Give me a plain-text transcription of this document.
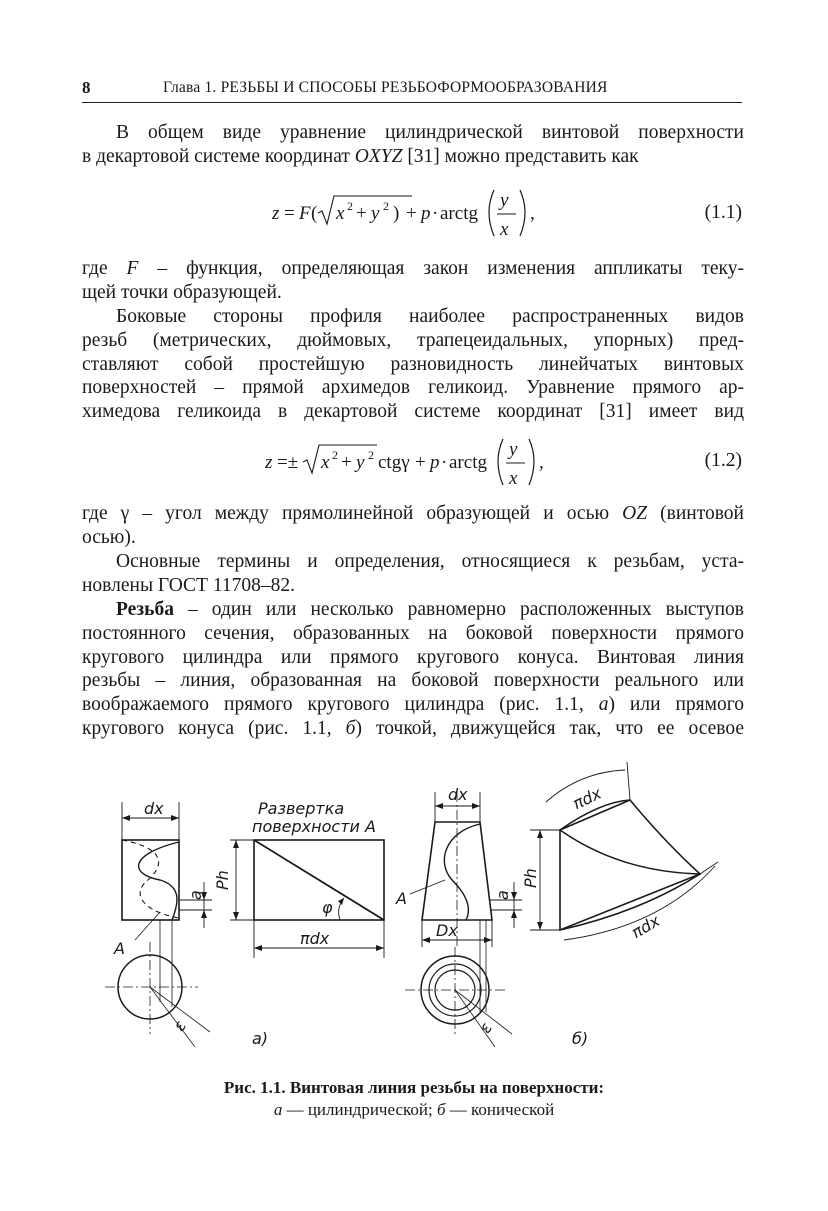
8	Глава 1. РЕЗЬБЫ И СПОСОБЫ РЕЗЬБОФОРМООБРАЗОВАНИЯ
В общем виде уравнение цилиндрической винтовой поверхности
в декартовой системе координат OXYZ [31] можно представить как
z = F ( x 2 + y 2 ) + p · arctg
y
x
,	(1.1)
где F – функция, определяющая закон изменения аппликаты теку-
щей точки образующей.
Боковые стороны профиля наиболее распространенных видов
резьб (метрических, дюймовых, трапецеидальных, упорных) пред-
ставляют собой простейшую разновидность линейчатых винтовых
поверхностей – прямой архимедов геликоид. Уравнение прямого ар-
химедова геликоида в декартовой системе координат [31] имеет вид
z =± x 2 + y 2 ctgγ + p · arctg
y
x
,	(1.2)
где γ – угол между прямолинейной образующей и осью OZ (винтовой
осью).
Основные термины и определения, относящиеся к резьбам, уста-
новлены ГОСТ 11708–82.
Резьба – один или несколько равномерно расположенных выступов
постоянного сечения, образованных на боковой поверхности прямого
кругового цилиндра или прямого кругового конуса. Винтовая линия
резьбы – линия, образованная на боковой поверхности реального или
воображаемого прямого кругового цилиндра (рис. 1.1, а) или прямого
кругового конуса (рис. 1.1, б) точкой, движущейся так, что ее осевое
dx	Развертка
поверхности А
Ph
a
φ
πdx
A
ε
а)
dx
A	a
Dx
ε
б)
Ph
πdx
πdx
Рис. 1.1. Винтовая линия резьбы на поверхности:
а — цилиндрической; б — конической
